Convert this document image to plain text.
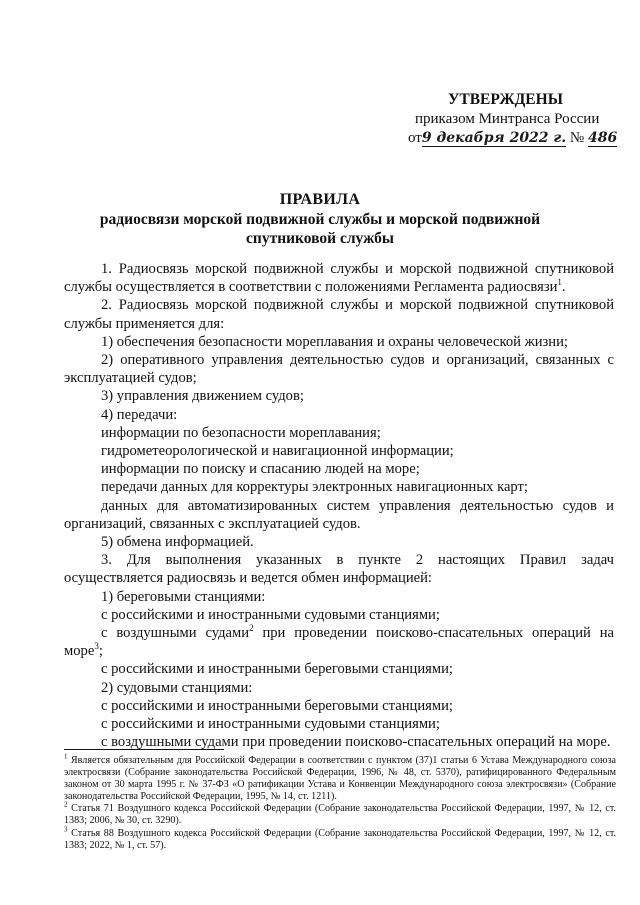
УТВЕРЖДЕНЫ
приказом Минтранса России
от9 декабря 2022 г. № 486
ПРАВИЛА
радиосвязи морской подвижной службы и морской подвижной спутниковой службы

1. Радиосвязь морской подвижной службы и морской подвижной спутниковой службы осуществляется в соответствии с положениями Регламента радиосвязи$^1$.

2. Радиосвязь морской подвижной службы и морской подвижной спутниковой службы применяется для:

1) обеспечения безопасности мореплавания и охраны человеческой жизни;

2) оперативного управления деятельностью судов и организаций, связанных с эксплуатацией судов;

3) управления движением судов;

4) передачи:

информации по безопасности мореплавания;

гидрометеорологической и навигационной информации;

информации по поиску и спасанию людей на море;

передачи данных для корректуры электронных навигационных карт;

данных для автоматизированных систем управления деятельностью судов и организаций, связанных с эксплуатацией судов.

5) обмена информацией.

3. Для выполнения указанных в пункте 2 настоящих Правил задач осуществляется радиосвязь и ведется обмен информацией:

1) береговыми станциями:

с российскими и иностранными судовыми станциями;

с воздушными судами$^2$ при проведении поисково-спасательных операций на море$^3$;

с российскими и иностранными береговыми станциями;

2) судовыми станциями:

с российскими и иностранными береговыми станциями;

с российскими и иностранными судовыми станциями;

с воздушными судами при проведении поисково-спасательных операций на море.

$^1$ Является обязательным для Российской Федерации в соответствии с пунктом (37)1 статьи 6 Устава Международного союза электросвязи (Собрание законодательства Российской Федерации, 1996, № 48, ст. 5370), ратифицированного Федеральным законом от 30 марта 1995 г. № 37-ФЗ «О ратификации Устава и Конвенции Международного союза электросвязи» (Собрание законодательства Российской Федерации, 1995, № 14, ст. 1211).

$^2$ Статья 71 Воздушного кодекса Российской Федерации (Собрание законодательства Российской Федерации, 1997, № 12, ст. 1383; 2006, № 30, ст. 3290).

$^3$ Статья 88 Воздушного кодекса Российской Федерации (Собрание законодательства Российской Федерации, 1997, № 12, ст. 1383; 2022, № 1, ст. 57).
